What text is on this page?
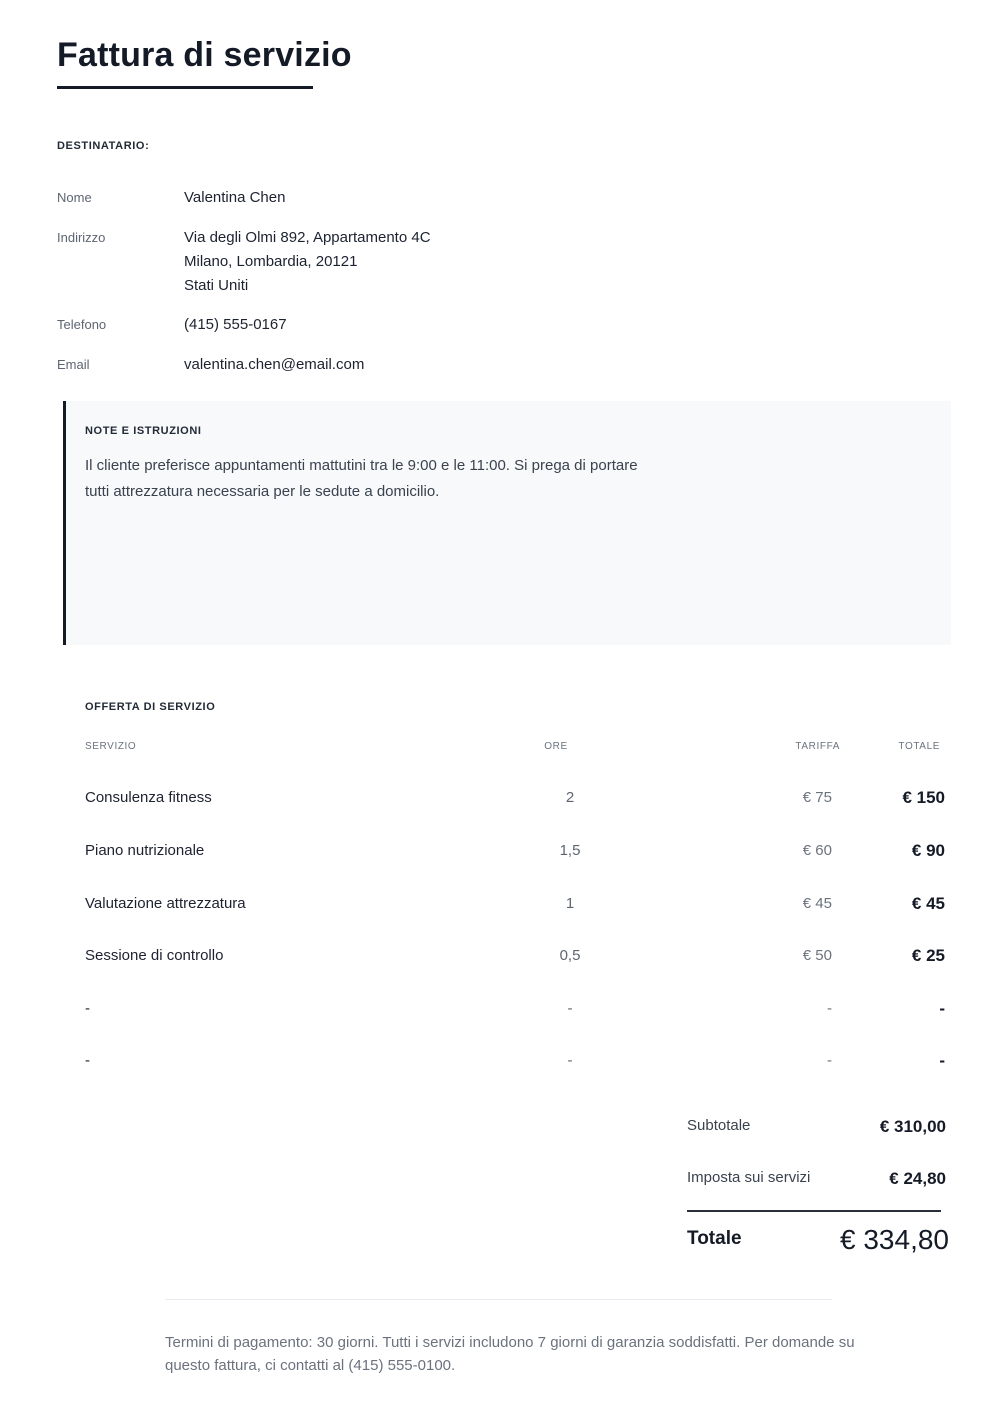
Fattura di servizio
DESTINATARIO:
Nome	Valentina Chen
Indirizzo	Via degli Olmi 892, Appartamento 4C
Milano, Lombardia, 20121
Stati Uniti
Telefono	(415) 555-0167
Email	valentina.chen@email.com
NOTE E ISTRUZIONI
Il cliente preferisce appuntamenti mattutini tra le 9:00 e le 11:00. Si prega di portare tutti attrezzatura necessaria per le sedute a domicilio.
OFFERTA DI SERVIZIO
SERVIZIO	ORE	TARIFFA	TOTALE
Consulenza fitness	2	€ 75	€ 150
Piano nutrizionale	1,5	€ 60	€ 90
Valutazione attrezzatura	1	€ 45	€ 45
Sessione di controllo	0,5	€ 50	€ 25
-	-	-	-
-	-	-	-
Subtotale	€ 310,00
Imposta sui servizi	€ 24,80
Totale	€ 334,80
Termini di pagamento: 30 giorni. Tutti i servizi includono 7 giorni di garanzia soddisfatti. Per domande su questo fattura, ci contatti al (415) 555-0100.
